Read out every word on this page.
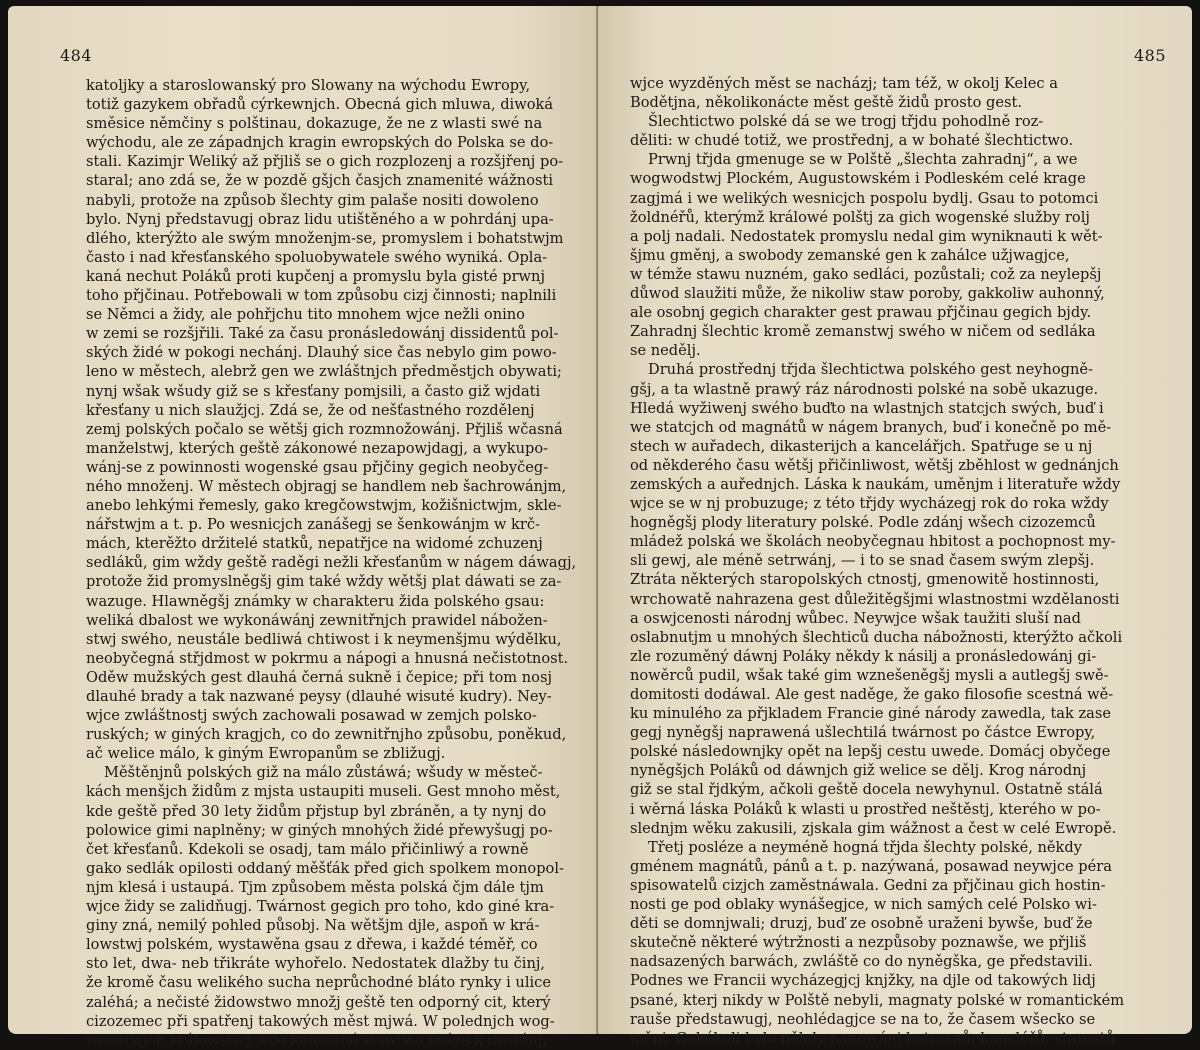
484
katoljky a staroslowanský pro Slowany na wýchodu Ewropy,
totiž gazykem obřadů cýrkewnjch. Obecná gich mluwa, diwoká
směsice němčiny s polštinau, dokazuge, že ne z wlasti swé na
wýchodu, ale ze západnjch kragin ewropských do Polska se do-
stali. Kazimjr Weliký až přjliš se o gich rozplozenj a rozšjřenj po-
staral; ano zdá se, že w pozdě gšjch časjch znamenité wážnosti
nabyli, protože na způsob šlechty gim palaše nositi dowoleno
bylo. Nynj představugj obraz lidu utištěného a w pohrdánj upa-
dlého, kterýžto ale swým množenjm-se, promyslem i bohatstwjm
často i nad křesťanského spoluobywatele swého wyniká. Opla-
kaná nechut Poláků proti kupčenj a promyslu byla gisté prwnj
toho přjčinau. Potřebowali w tom způsobu cizj činnosti; naplnili
se Němci a židy, ale pohřjchu tito mnohem wjce nežli onino
w zemi se rozšjřili. Také za času pronásledowánj dissidentů pol-
ských židé w pokogi nechánj. Dlauhý sice čas nebylo gim powo-
leno w městech, alebrž gen we zwláštnjch předměstjch obywati;
nynj wšak wšudy giž se s křesťany pomjsili, a často giž wjdati
křesťany u nich slaužjcj. Zdá se, že od nešťastného rozdělenj
zemj polských počalo se wětšj gich rozmnožowánj. Přjliš wčasná
manželstwj, kterých geště zákonowé nezapowjdagj, a wykupo-
wánj-se z powinnosti wogenské gsau přjčiny gegich neobyčeg-
ného množenj. W městech objragj se handlem neb šachrowánjm,
anebo lehkými řemesly, gako kregčowstwjm, kožišnictwjm, skle-
nářstwjm a t. p. Po wesnicjch zanášegj se šenkowánjm w krč-
mách, kterěžto držitelé statků, nepatřjce na widomé zchuzenj
sedláků, gim wždy geště raděgi nežli křesťanům w nágem dáwagj,
protože žid promyslněgšj gim také wždy wětšj plat dáwati se za-
wazuge. Hlawněgšj známky w charakteru žida polského gsau:
weliká dbalost we wykonáwánj zewnitřnjch prawidel nábožen-
stwj swého, neustále bedliwá chtiwost i k neymenšjmu wýdělku,
neobyčegná střjdmost w pokrmu a nápogi a hnusná nečistotnost.
Oděw mužských gest dlauhá černá sukně i čepice; při tom nosj
dlauhé brady a tak nazwané peysy (dlauhé wisuté kudry). Ney-
wjce zwláštnostj swých zachowali posawad w zemjch polsko-
ruských; w giných kragjch, co do zewnitřnjho způsobu, poněkud,
ač welice málo, k giným Ewropanům se zbližugj.
Měštěnjnů polských giž na málo zůstáwá; wšudy w městeč-
kách menšjch židům z mjsta ustaupiti museli. Gest mnoho měst,
kde geště před 30 lety židům přjstup byl zbráněn, a ty nynj do
polowice gimi naplněny; w giných mnohých židé přewyšugj po-
čet křesťanů. Kdekoli se osadj, tam málo přičinliwý a rowně
gako sedlák opilosti oddaný měšťák před gich spolkem monopol-
njm klesá i ustaupá. Tjm způsobem města polská čjm dále tjm
wjce židy se zalidňugj. Twárnost gegich pro toho, kdo giné kra-
giny zná, nemilý pohled působj. Na wětšjm djle, aspoň w krá-
lowstwj polském, wystawěna gsau z dřewa, i každé téměř, co
sto let, dwa- neb třikráte wyhořelo. Nedostatek dlažby tu činj,
že kromě času welikého sucha neprůchodné bláto rynky i ulice
zaléhá; a nečisté židowstwo množj geště ten odporný cit, který
cizozemec při spatřenj takowých měst mjwá. W polednjch wog-
wodstwjch králowstwj, kde kamenné stawiwo snáze k dostánj,
485
wjce wyzděných měst se nacházj; tam též, w okolj Kelec a
Bodětjna, několikonácte měst geště židů prosto gest.
Šlechtictwo polské dá se we trogj třjdu pohodlně roz-
děliti: w chudé totiž, we prostřednj, a w bohaté šlechtictwo.
Prwnj třjda gmenuge se w Polště „šlechta zahradnj“, a we
wogwodstwj Plockém, Augustowském i Podleském celé krage
zagjmá i we welikých wesnicjch pospolu bydlj. Gsau to potomci
žoldnéřů, kterýmž králowé polštj za gich wogenské služby rolj
a polj nadali. Nedostatek promyslu nedal gim wyniknauti k wět-
šjmu gměnj, a swobody zemanské gen k zahálce užjwagjce,
w témže stawu nuzném, gako sedláci, pozůstali; což za neylepšj
důwod slaužiti může, že nikoliw staw poroby, gakkoliw auhonný,
ale osobnj gegich charakter gest prawau přjčinau gegich bjdy.
Zahradnj šlechtic kromě zemanstwj swého w ničem od sedláka
se nedělj.
Druhá prostřednj třjda šlechtictwa polského gest neyhogně-
gšj, a ta wlastně prawý ráz národnosti polské na sobě ukazuge.
Hledá wyžiwenj swého buďto na wlastnjch statcjch swých, buď i
we statcjch od magnátů w nágem branych, buď i konečně po mě-
stech w auřadech, dikasterijch a kancelářjch. Spatřuge se u nj
od někderého času wětšj přičinliwost, wětšj zběhlost w gednánjch
zemských a auřednjch. Láska k naukám, uměnjm i literatuře wždy
wjce se w nj probuzuge; z této třjdy wycházegj rok do roka wždy
hogněgšj plody literatury polské. Podle zdánj wšech cizozemců
mládež polská we školách neobyčegnau hbitost a pochopnost my-
sli gewj, ale méně setrwánj, — i to se snad časem swým zlepšj.
Ztráta některých staropolských ctnostj, gmenowitě hostinnosti,
wrchowatě nahrazena gest důležitěgšjmi wlastnostmi wzdělanosti
a oswjcenosti národnj wůbec. Neywjce wšak taužiti sluší nad
oslabnutjm u mnohých šlechticů ducha nábožnosti, kterýžto ačkoli
zle rozuměný dáwnj Poláky někdy k násilj a pronásledowánj gi-
nowěrců pudil, wšak také gim wznešeněgšj mysli a autlegšj swě-
domitosti dodáwal. Ale gest naděge, že gako filosofie scestná wě-
ku minulého za přjkladem Francie giné národy zawedla, tak zase
gegj nyněgšj naprawená ušlechtilá twárnost po částce Ewropy,
polské následownjky opět na lepšj cestu uwede. Domácj obyčege
nyněgšjch Poláků od dáwnjch giž welice se dělj. Krog národnj
giž se stal řjdkým, ačkoli geště docela newyhynul. Ostatně stálá
i wěrná láska Poláků k wlasti u prostřed neštěstj, kterého w po-
slednjm wěku zakusili, zjskala gim wážnost a čest w celé Ewropě.
Třetj posléze a neyméně hogná třjda šlechty polské, někdy
gménem magnátů, pánů a t. p. nazýwaná, posawad neywjce péra
spisowatelů cizjch zaměstnáwala. Gedni za přjčinau gich hostin-
nosti ge pod oblaky wynášegjce, w nich samých celé Polsko wi-
děti se domnjwali; druzj, buď ze osobně uraženi bywše, buď že
skutečně některé wýtržnosti a nezpůsoby poznawše, we přjliš
nadsazených barwách, zwláště co do nyněgška, ge představili.
Podnes we Francii wycházegjcj knjžky, na djle od takowých lidj
psané, kterj nikdy w Polště nebyli, magnaty polské w romantickém
rauše předstawugj, neohlédagjce se na to, že časem wšecko se
měnj. Gakékoli bylo někdy panowánj hetmanů, kancléřů, starostů
